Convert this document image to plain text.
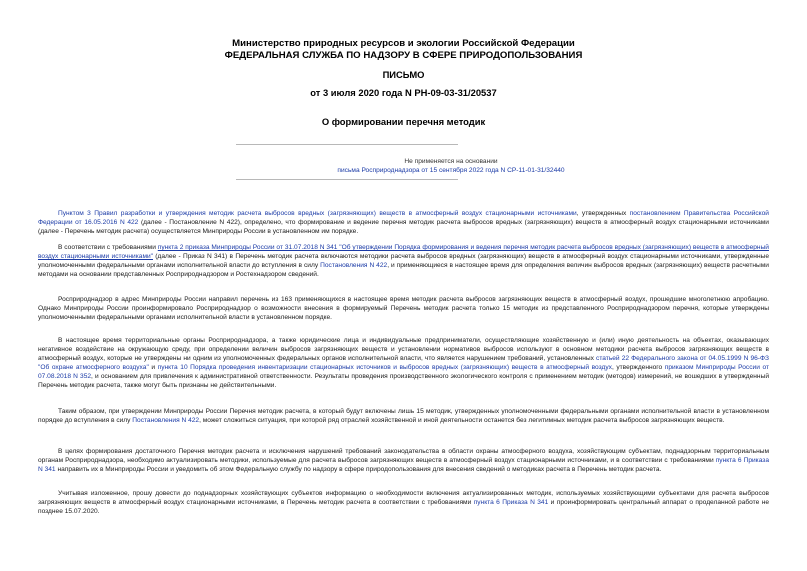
Министерство природных ресурсов и экологии Российской Федерации
ФЕДЕРАЛЬНАЯ СЛУЖБА ПО НАДЗОРУ В СФЕРЕ ПРИРОДОПОЛЬЗОВАНИЯ
ПИСЬМО
от 3 июля 2020 года N РН-09-03-31/20537
О формировании перечня методик
Не применяется на основании
письма Росприроднадзора от 15 сентября 2022 года N СР-11-01-31/32440
Пунктом 3 Правил разработки и утверждения методик расчета выбросов вредных (загрязняющих) веществ в атмосферный воздух стационарными источниками, утвержденных постановлением Правительства Российской Федерации от 16.05.2016 N 422 (далее - Постановление N 422), определено, что формирование и ведение перечня методик расчета выбросов вредных (загрязняющих) веществ в атмосферный воздух стационарными источниками (далее - Перечень методик расчета) осуществляется Минприроды России в установленном им порядке.
В соответствии с требованиями пункта 2 приказа Минприроды России от 31.07.2018 N 341 "Об утверждении Порядка формирования и ведения перечня методик расчета выбросов вредных (загрязняющих) веществ в атмосферный воздух стационарными источниками" (далее - Приказ N 341) в Перечень методик расчета включаются методики расчета выбросов вредных (загрязняющих) веществ в атмосферный воздух стационарными источниками, утвержденные уполномоченными федеральными органами исполнительной власти до вступления в силу Постановления N 422, и применяющиеся в настоящее время для определения величин выбросов вредных (загрязняющих) веществ расчетными методами на основании представленных Росприроднадзором и Ростехнадзором сведений.
Росприроднадзор в адрес Минприроды России направил перечень из 163 применяющихся в настоящее время методик расчета выбросов загрязняющих веществ в атмосферный воздух, прошедшие многолетнюю апробацию. Однако Минприроды России проинформировало Росприроднадзор о возможности внесения в формируемый Перечень методик расчета только 15 методик из представленного Росприроднадзором перечня, которые утверждены уполномоченными федеральными органами исполнительной власти в установленном порядке.
В настоящее время территориальные органы Росприроднадзора, а также юридические лица и индивидуальные предприниматели, осуществляющие хозяйственную и (или) иную деятельность на объектах, оказывающих негативное воздействие на окружающую среду, при определении величин выбросов загрязняющих веществ и установлении нормативов выбросов используют в основном методики расчета выбросов загрязняющих веществ в атмосферный воздух, которые не утверждены ни одним из уполномоченных федеральных органов исполнительной власти, что является нарушением требований, установленных статьей 22 Федерального закона от 04.05.1999 N 96-ФЗ "Об охране атмосферного воздуха" и пункта 10 Порядка проведения инвентаризации стационарных источников и выбросов вредных (загрязняющих) веществ в атмосферный воздух, утвержденного приказом Минприроды России от 07.08.2018 N 352, и основанием для привлечения к административной ответственности. Результаты проведения производственного экологического контроля с применением методик (методов) измерений, не вошедших в утвержденный Перечень методик расчета, также могут быть признаны не действительными.
Таким образом, при утверждении Минприроды России Перечня методик расчета, в который будут включены лишь 15 методик, утвержденных уполномоченными федеральными органами исполнительной власти в установленном порядке до вступления в силу Постановления N 422, может сложиться ситуация, при которой ряд отраслей хозяйственной и иной деятельности останется без легитимных методик расчета выбросов загрязняющих веществ.
В целях формирования достаточного Перечня методик расчета и исключения нарушений требований законодательства в области охраны атмосферного воздуха, хозяйствующим субъектам, поднадзорным территориальным органам Росприроднадзора, необходимо актуализировать методики, используемые для расчета выбросов загрязняющих веществ в атмосферный воздух стационарными источниками, и в соответствии с требованиями пункта 6 Приказа N 341 направить их в Минприроды России и уведомить об этом Федеральную службу по надзору в сфере природопользования для внесения сведений о методиках расчета в Перечень методик расчета.
Учитывая изложенное, прошу довести до поднадзорных хозяйствующих субъектов информацию о необходимости включения актуализированных методик, используемых хозяйствующими субъектами для расчета выбросов загрязняющих веществ в атмосферный воздух стационарными источниками, в Перечень методик расчета в соответствии с требованиями пункта 6 Приказа N 341 и проинформировать центральный аппарат о проделанной работе не позднее 15.07.2020.
